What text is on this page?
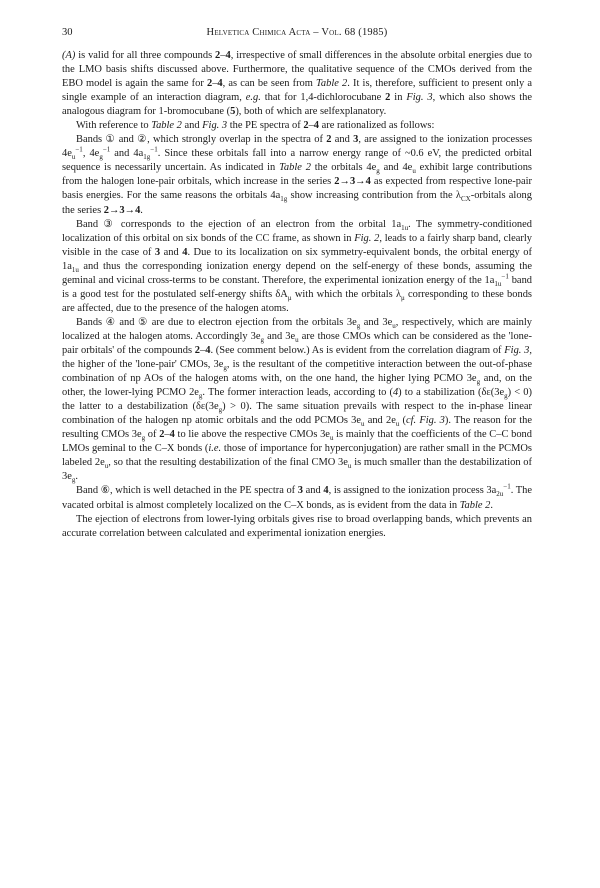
30	Helvetica Chimica Acta – Vol. 68 (1985)

(A) is valid for all three compounds 2–4, irrespective of small differences in the absolute orbital energies due to the LMO basis shifts discussed above. Furthermore, the qualitative sequence of the CMOs derived from the EBO model is again the same for 2–4, as can be seen from Table 2. It is, therefore, sufficient to present only a single example of an interaction diagram, e.g. that for 1,4-dichlorocubane 2 in Fig. 3, which also shows the analogous diagram for 1-bromocubane (5), both of which are selfexplanatory.

With reference to Table 2 and Fig. 3 the PE spectra of 2–4 are rationalized as follows:

Bands ① and ②, which strongly overlap in the spectra of 2 and 3, are assigned to the ionization processes $4e_u^{-1}$, $4e_g^{-1}$ and $4a_{1g}^{-1}$. Since these orbitals fall into a narrow energy range of ~0.6 eV, the predicted orbital sequence is necessarily uncertain. As indicated in Table 2 the orbitals $4e_g$ and $4e_u$ exhibit large contributions from the halogen lone-pair orbitals, which increase in the series 2→3→4 as expected from respective lone-pair basis energies. For the same reasons the orbitals $4a_{1g}$ show increasing contribution from the $\lambda_{CX}$-orbitals along the series 2→3→4.

Band ③ corresponds to the ejection of an electron from the orbital $1a_{1u}$. The symmetry-conditioned localization of this orbital on six bonds of the CC frame, as shown in Fig. 2, leads to a fairly sharp band, clearly visible in the case of 3 and 4. Due to its localization on six symmetry-equivalent bonds, the orbital energy of $1a_{1u}$ and thus the corresponding ionization energy depend on the self-energy of these bonds, assuming the geminal and vicinal cross-terms to be constant. Therefore, the experimental ionization energy of the $1a_{1u}^{-1}$ band is a good test for the postulated self-energy shifts $\delta A_\mu$ with which the orbitals $\lambda_\mu$ corresponding to these bonds are affected, due to the presence of the halogen atoms.

Bands ④ and ⑤ are due to electron ejection from the orbitals $3e_g$ and $3e_u$, respectively, which are mainly localized at the halogen atoms. Accordingly $3e_g$ and $3e_u$ are those CMOs which can be considered as the 'lone-pair orbitals' of the compounds 2–4. (See comment below.) As is evident from the correlation diagram of Fig. 3, the higher of the 'lone-pair' CMOs, $3e_g$, is the resultant of the competitive interaction between the out-of-phase combination of np AOs of the halogen atoms with, on the one hand, the higher lying PCMO $3e_g$ and, on the other, the lower-lying PCMO $2e_g$. The former interaction leads, according to (4) to a stabilization $(\delta\varepsilon(3e_g) < 0)$ the latter to a destabilization $(\delta\varepsilon(3e_g) > 0)$. The same situation prevails with respect to the in-phase linear combination of the halogen np atomic orbitals and the odd PCMOs $3e_u$ and $2e_u$ (cf. Fig. 3). The reason for the resulting CMOs $3e_g$ of 2–4 to lie above the respective CMOs $3e_u$ is mainly that the coefficients of the C–C bond LMOs geminal to the C–X bonds (i.e. those of importance for hyperconjugation) are rather small in the PCMOs labeled $2e_u$, so that the resulting destabilization of the final CMO $3e_u$ is much smaller than the destabilization of $3e_g$.

Band ⑥, which is well detached in the PE spectra of 3 and 4, is assigned to the ionization process $3a_{2u}^{-1}$. The vacated orbital is almost completely localized on the C–X bonds, as is evident from the data in Table 2.

The ejection of electrons from lower-lying orbitals gives rise to broad overlapping bands, which prevents an accurate correlation between calculated and experimental ionization energies.
